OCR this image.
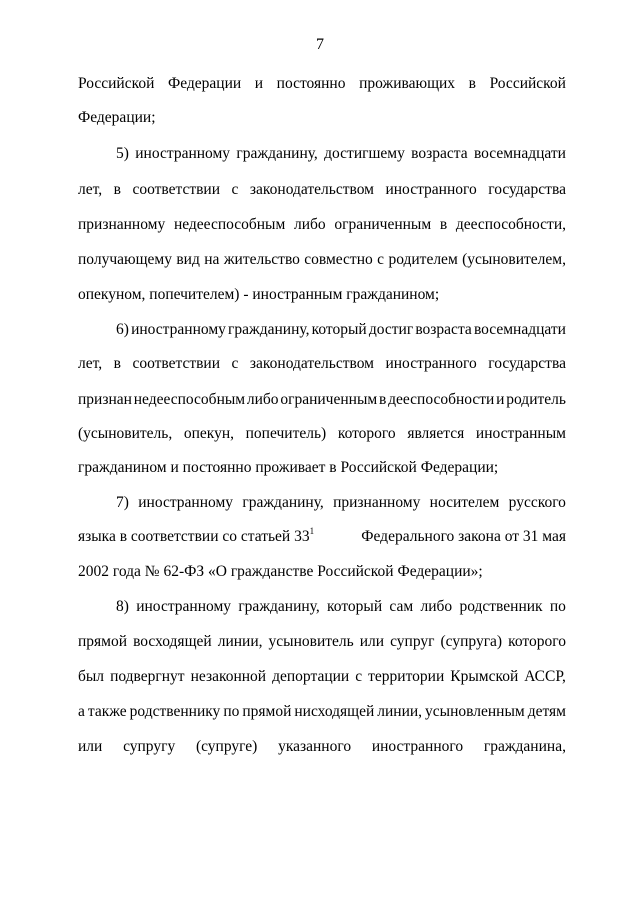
7
Российской Федерации и постоянно проживающих в Российской
Федерации;
5) иностранному гражданину, достигшему возраста восемнадцати
лет, в соответствии с законодательством иностранного государства
признанному недееспособным либо ограниченным в дееспособности,
получающему вид на жительство совместно с родителем (усыновителем,
опекуном, попечителем) - иностранным гражданином;
6) иностранному гражданину, который достиг возраста восемнадцати
лет, в соответствии с законодательством иностранного государства
признан недееспособным либо ограниченным в дееспособности и родитель
(усыновитель, опекун, попечитель) которого является иностранным
гражданином и постоянно проживает в Российской Федерации;
7) иностранному гражданину, признанному носителем русского
языка в соответствии со статьей $33^1$	Федерального закона от 31 мая
2002 года № 62-ФЗ «О гражданстве Российской Федерации»;
8) иностранному гражданину, который сам либо родственник по
прямой восходящей линии, усыновитель или супруг (супруга) которого
был подвергнут незаконной депортации с территории Крымской АССР,
а также родственнику по прямой нисходящей линии, усыновленным детям
или супругу (супруге) указанного иностранного гражданина,
